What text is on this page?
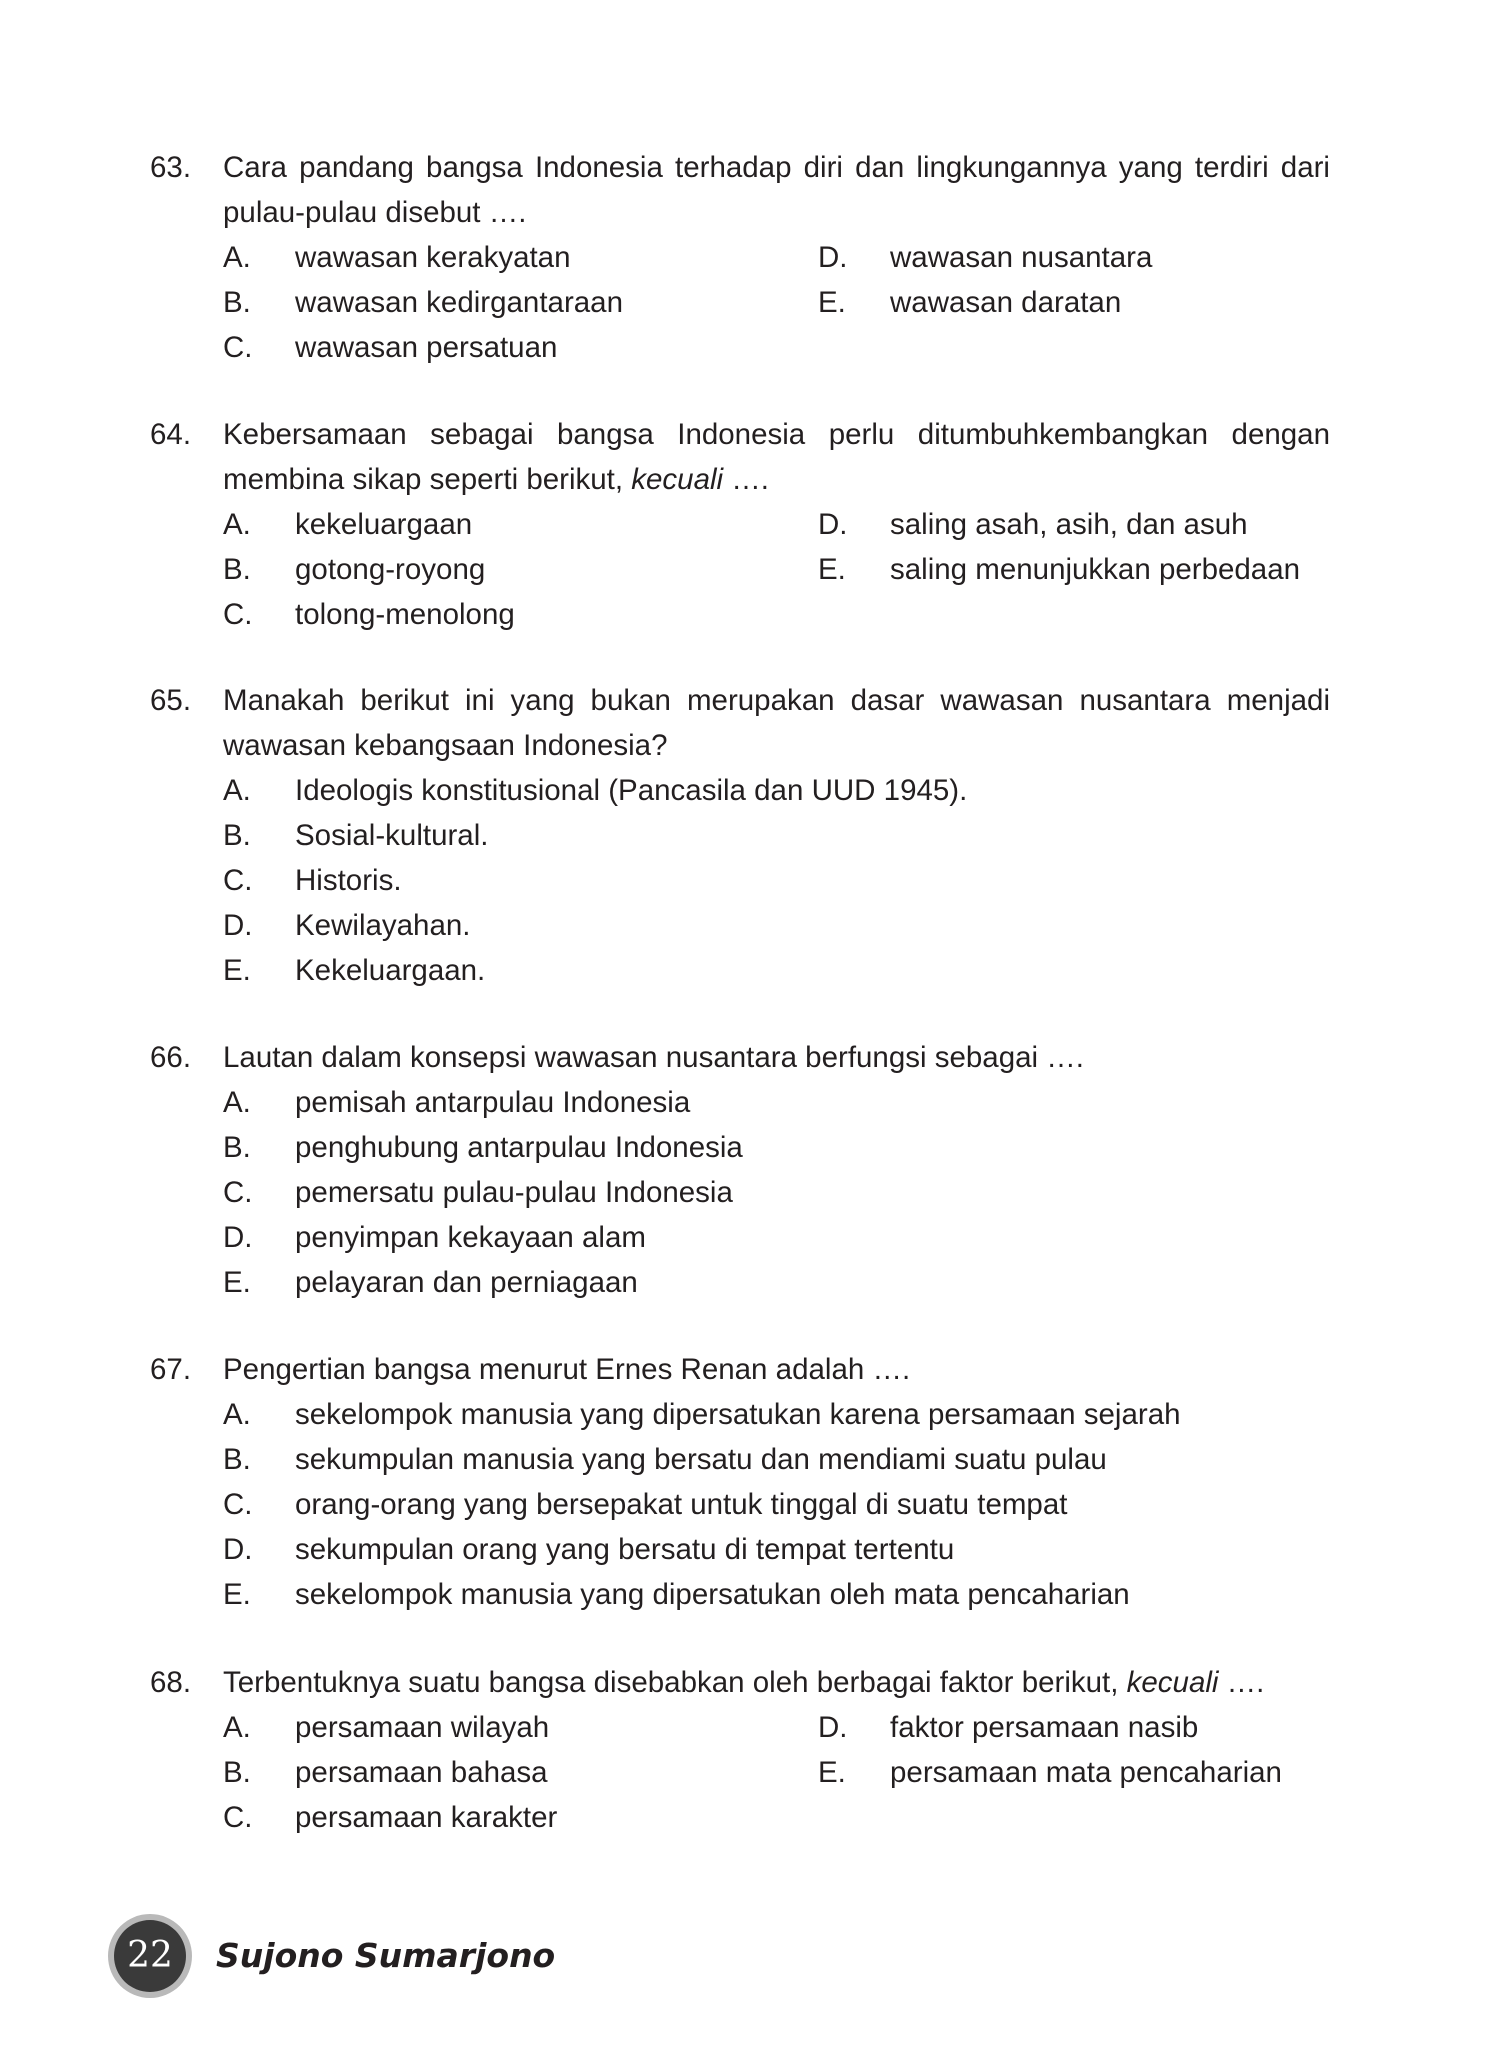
63. Cara pandang bangsa Indonesia terhadap diri dan lingkungannya yang terdiri dari pulau-pulau disebut ….
A. wawasan kerakyatan
B. wawasan kedirgantaraan
C. wawasan persatuan
D. wawasan nusantara
E. wawasan daratan
64. Kebersamaan sebagai bangsa Indonesia perlu ditumbuhkembangkan dengan membina sikap seperti berikut, kecuali ….
A. kekeluargaan
B. gotong-royong
C. tolong-menolong
D. saling asah, asih, dan asuh
E. saling menunjukkan perbedaan
65. Manakah berikut ini yang bukan merupakan dasar wawasan nusantara menjadi wawasan kebangsaan Indonesia?
A. Ideologis konstitusional (Pancasila dan UUD 1945).
B. Sosial-kultural.
C. Historis.
D. Kewilayahan.
E. Kekeluargaan.
66. Lautan dalam konsepsi wawasan nusantara berfungsi sebagai ….
A. pemisah antarpulau Indonesia
B. penghubung antarpulau Indonesia
C. pemersatu pulau-pulau Indonesia
D. penyimpan kekayaan alam
E. pelayaran dan perniagaan
67. Pengertian bangsa menurut Ernes Renan adalah ….
A. sekelompok manusia yang dipersatukan karena persamaan sejarah
B. sekumpulan manusia yang bersatu dan mendiami suatu pulau
C. orang-orang yang bersepakat untuk tinggal di suatu tempat
D. sekumpulan orang yang bersatu di tempat tertentu
E. sekelompok manusia yang dipersatukan oleh mata pencaharian
68. Terbentuknya suatu bangsa disebabkan oleh berbagai faktor berikut, kecuali ….
A. persamaan wilayah
B. persamaan bahasa
C. persamaan karakter
D. faktor persamaan nasib
E. persamaan mata pencaharian
22	Sujono Sumarjono
